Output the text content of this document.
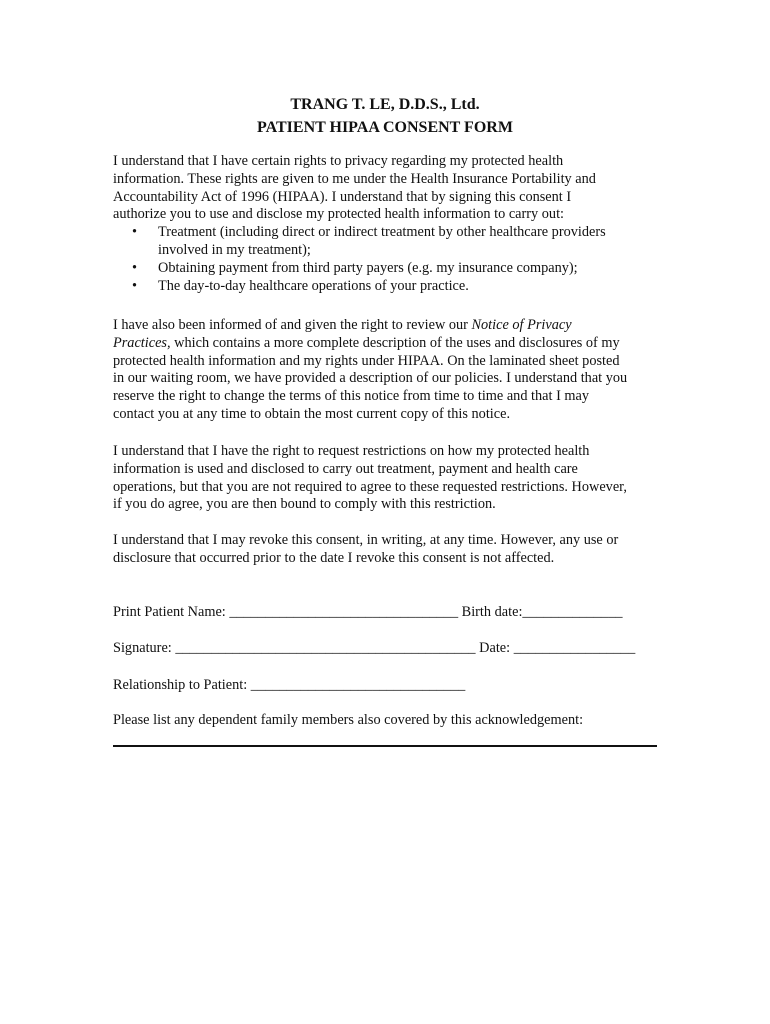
TRANG T. LE, D.D.S., Ltd.
PATIENT HIPAA CONSENT FORM
I understand that I have certain rights to privacy regarding my protected health
information. These rights are given to me under the Health Insurance Portability and
Accountability Act of 1996 (HIPAA). I understand that by signing this consent I
authorize you to use and disclose my protected health information to carry out:
• Treatment (including direct or indirect treatment by other healthcare providers
involved in my treatment);
• Obtaining payment from third party payers (e.g. my insurance company);
• The day-to-day healthcare operations of your practice.
I have also been informed of and given the right to review our Notice of Privacy
Practices, which contains a more complete description of the uses and disclosures of my
protected health information and my rights under HIPAA. On the laminated sheet posted
in our waiting room, we have provided a description of our policies. I understand that you
reserve the right to change the terms of this notice from time to time and that I may
contact you at any time to obtain the most current copy of this notice.
I understand that I have the right to request restrictions on how my protected health
information is used and disclosed to carry out treatment, payment and health care
operations, but that you are not required to agree to these requested restrictions. However,
if you do agree, you are then bound to comply with this restriction.
I understand that I may revoke this consent, in writing, at any time. However, any use or
disclosure that occurred prior to the date I revoke this consent is not affected.
Print Patient Name: ________________________________ Birth date:______________
Signature: __________________________________________ Date: _________________
Relationship to Patient: ______________________________
Please list any dependent family members also covered by this acknowledgement:
